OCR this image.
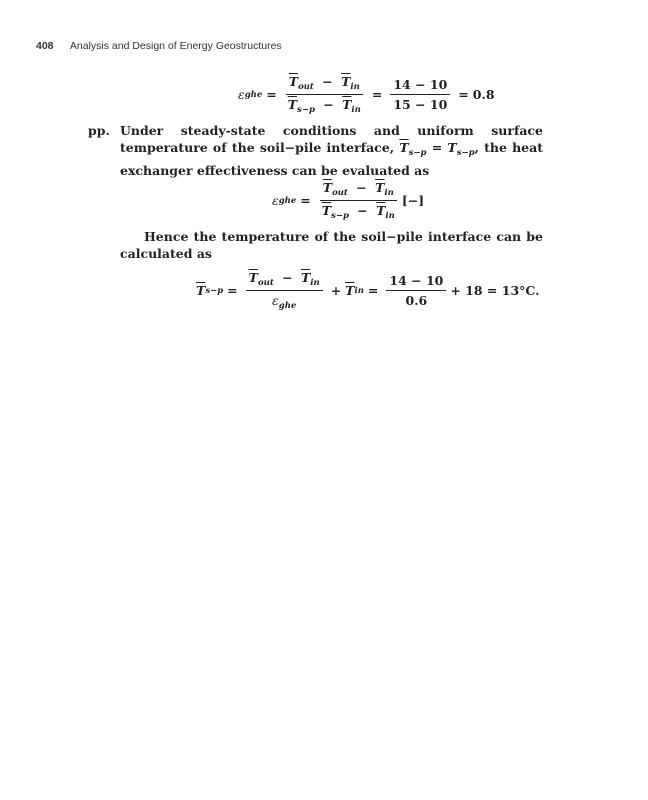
408 Analysis and Design of Energy Geostructures
ε ghe = $\frac{\overline{T}_{out} - \overline{T}_{in}}{\overline{T}_{s-p} - \overline{T}_{in}} = \frac{14 - 10}{15 - 10} = 0.8$
pp. Under steady-state conditions and uniform surface temperature of the soil−pile interface, $\overline{T}_{s-p} = T_{s-p}$, the heat exchanger effectiveness can be evaluated as
ε ghe = $\frac{\overline{T}_{out} - \overline{T}_{in}}{\overline{T}_{s-p} - \overline{T}_{in}}$ [−]
Hence the temperature of the soil−pile interface can be calculated as
$\overline{T}$ $s-p = \frac{\overline{T}_{out} - \overline{T}_{in}}{\varepsilon_{ghe}} + \overline{T}$ in = $\frac{14 - 10}{0.6} + 18 = 13^\circ C$.
